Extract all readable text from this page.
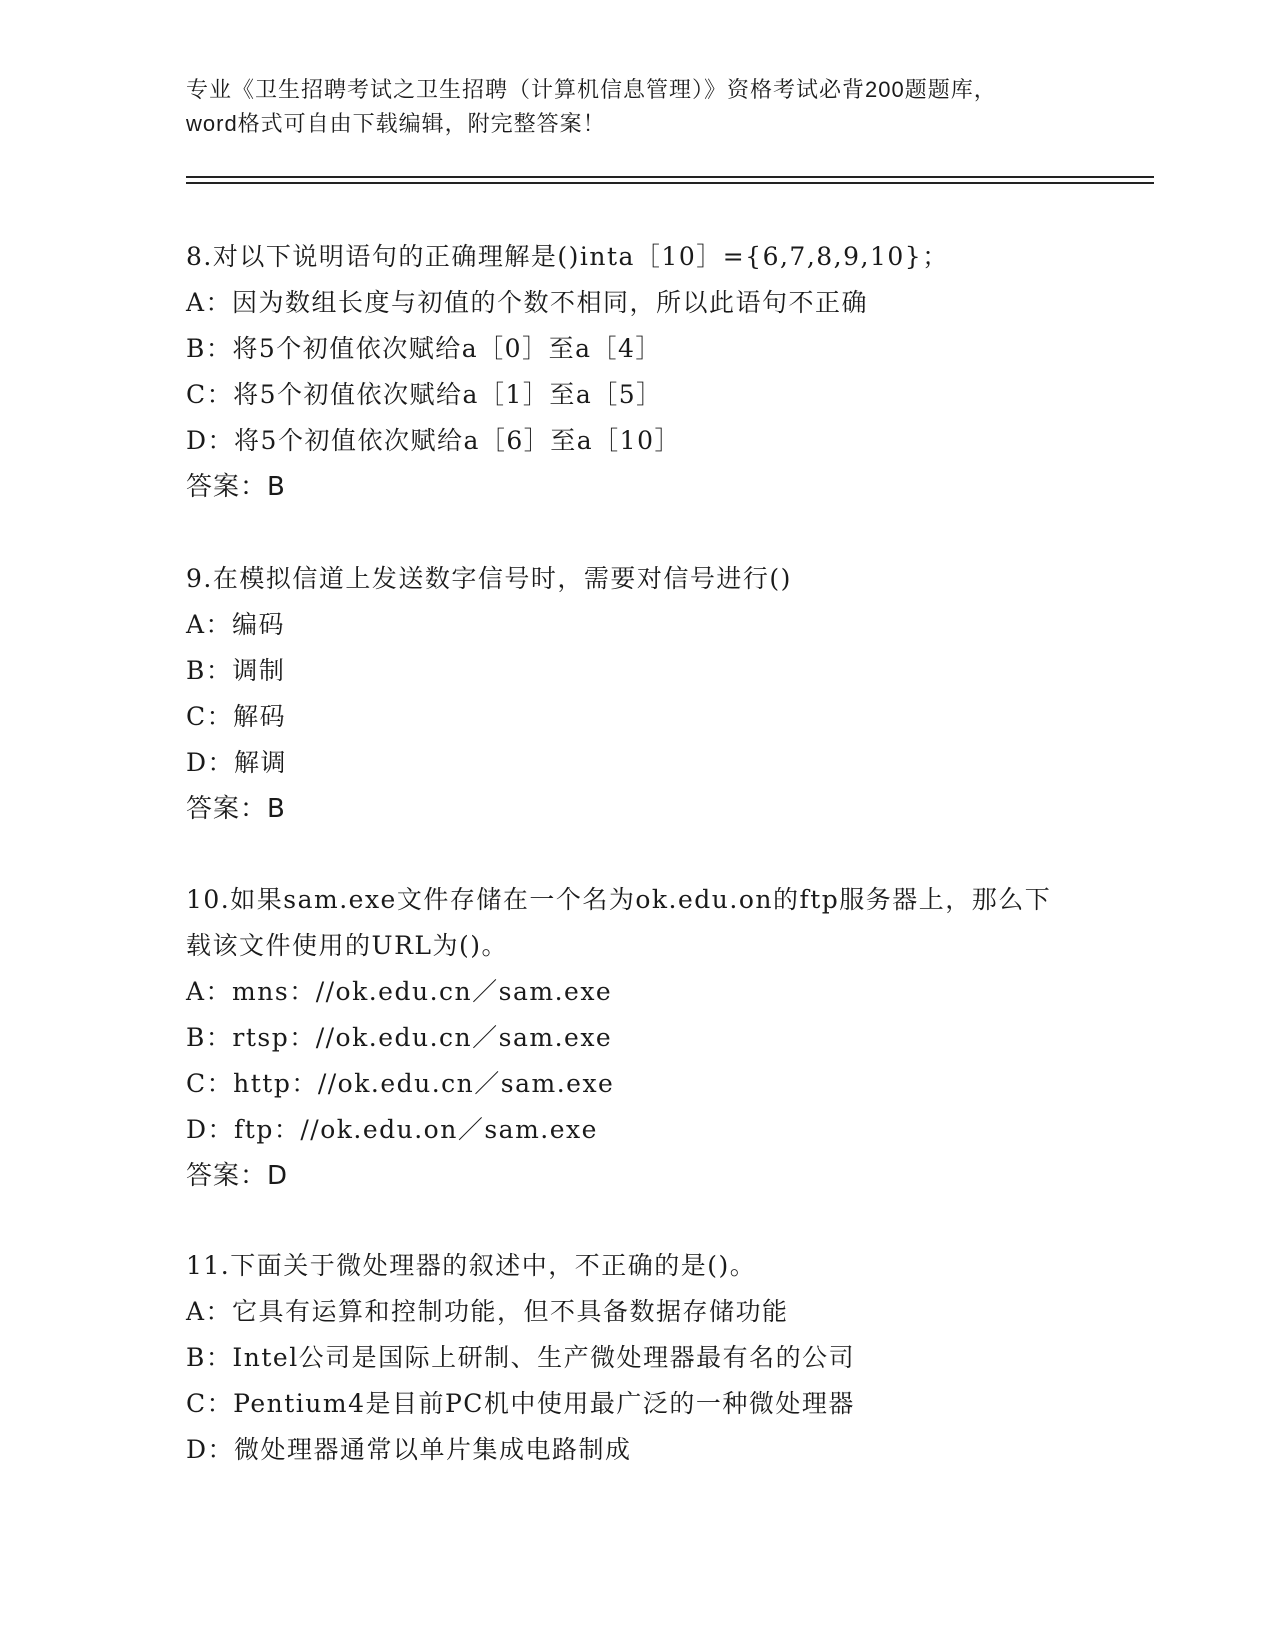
专业《卫生招聘考试之卫生招聘（计算机信息管理）》资格考试必背200题题库，
word格式可自由下载编辑，附完整答案！
8.对以下说明语句的正确理解是()inta［10］={6,7,8,9,10}；
A：因为数组长度与初值的个数不相同，所以此语句不正确
B：将5个初值依次赋给a［0］至a［4］
C：将5个初值依次赋给a［1］至a［5］
D：将5个初值依次赋给a［6］至a［10］
答案：B
9.在模拟信道上发送数字信号时，需要对信号进行()
A：编码
B：调制
C：解码
D：解调
答案：B
10.如果sam.exe文件存储在一个名为ok.edu.on的ftp服务器上，那么下载该文件使用的URL为()。
A：mns：//ok.edu.cn／sam.exe
B：rtsp：//ok.edu.cn／sam.exe
C：http：//ok.edu.cn／sam.exe
D：ftp：//ok.edu.on／sam.exe
答案：D
11.下面关于微处理器的叙述中，不正确的是()。
A：它具有运算和控制功能，但不具备数据存储功能
B：Intel公司是国际上研制、生产微处理器最有名的公司
C：Pentium4是目前PC机中使用最广泛的一种微处理器
D：微处理器通常以单片集成电路制成
